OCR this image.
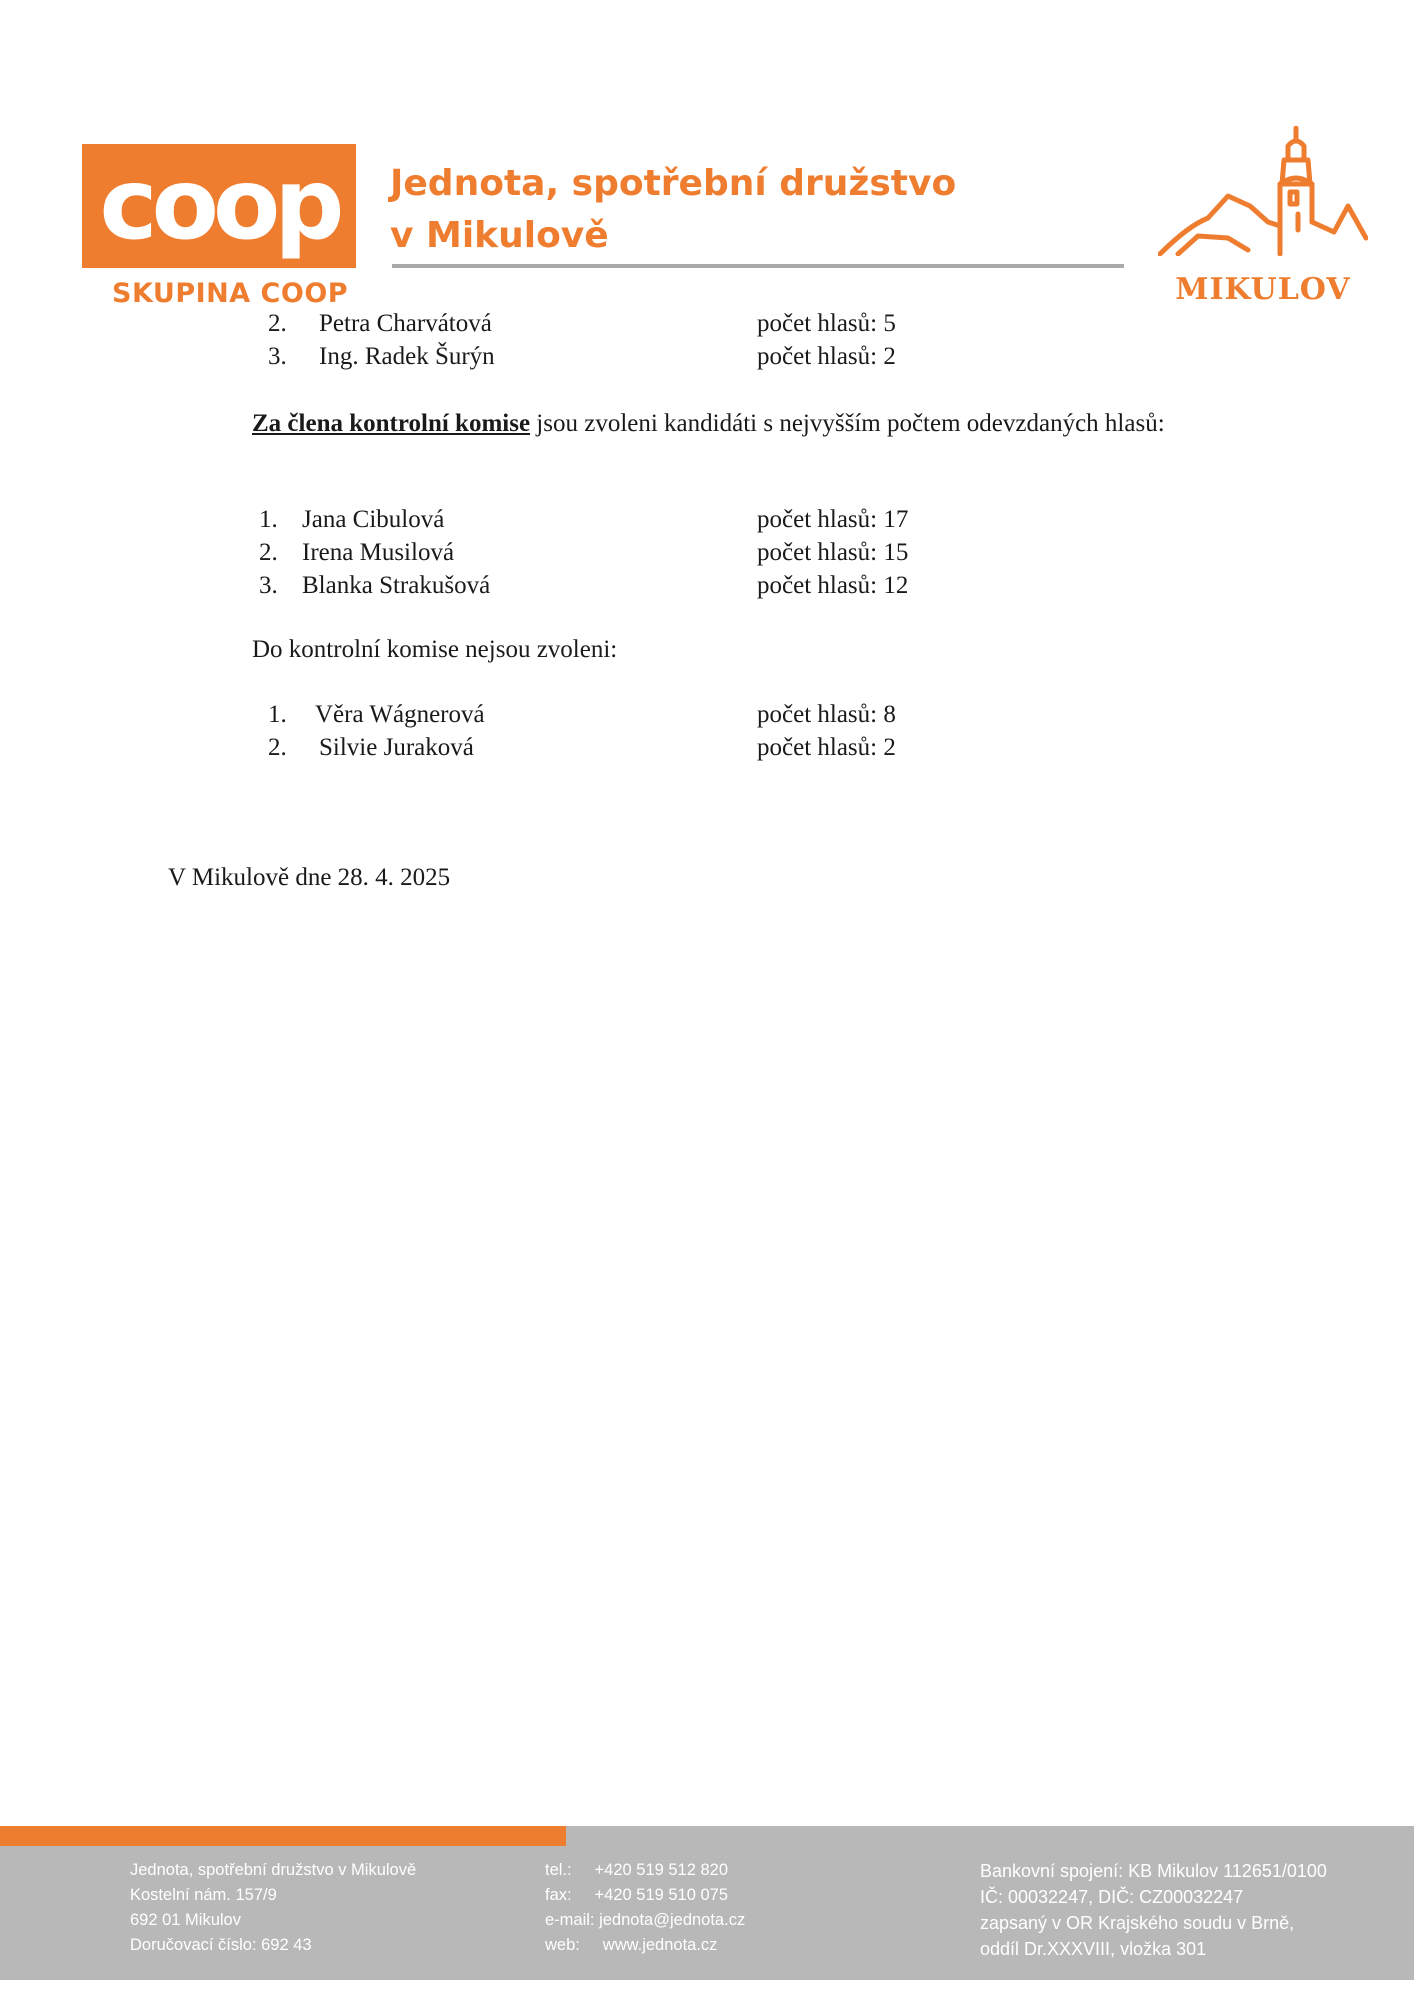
coop
SKUPINA COOP
Jednota, spotřební družstvo
v Mikulově
MIKULOV
2. Petra Charvátová	počet hlasů: 5
3. Ing. Radek Šurýn	počet hlasů: 2
Za člena kontrolní komise jsou zvoleni kandidáti s nejvyšším počtem odevzdaných hlasů:
1. Jana Cibulová	počet hlasů: 17
2. Irena Musilová	počet hlasů: 15
3. Blanka Strakušová	počet hlasů: 12
Do kontrolní komise nejsou zvoleni:
1. Věra Wágnerová	počet hlasů: 8
2. Silvie Juraková	počet hlasů: 2
V Mikulově dne 28. 4. 2025
Jednota, spotřební družstvo v Mikulově
Kostelní nám. 157/9
692 01 Mikulov
Doručovací číslo: 692 43
tel.:     +420 519 512 820
fax:     +420 519 510 075
e-mail: jednota@jednota.cz
web:     www.jednota.cz
Bankovní spojení: KB Mikulov 112651/0100
IČ: 00032247, DIČ: CZ00032247
zapsaný v OR Krajského soudu v Brně,
oddíl Dr.XXXVIII, vložka 301
